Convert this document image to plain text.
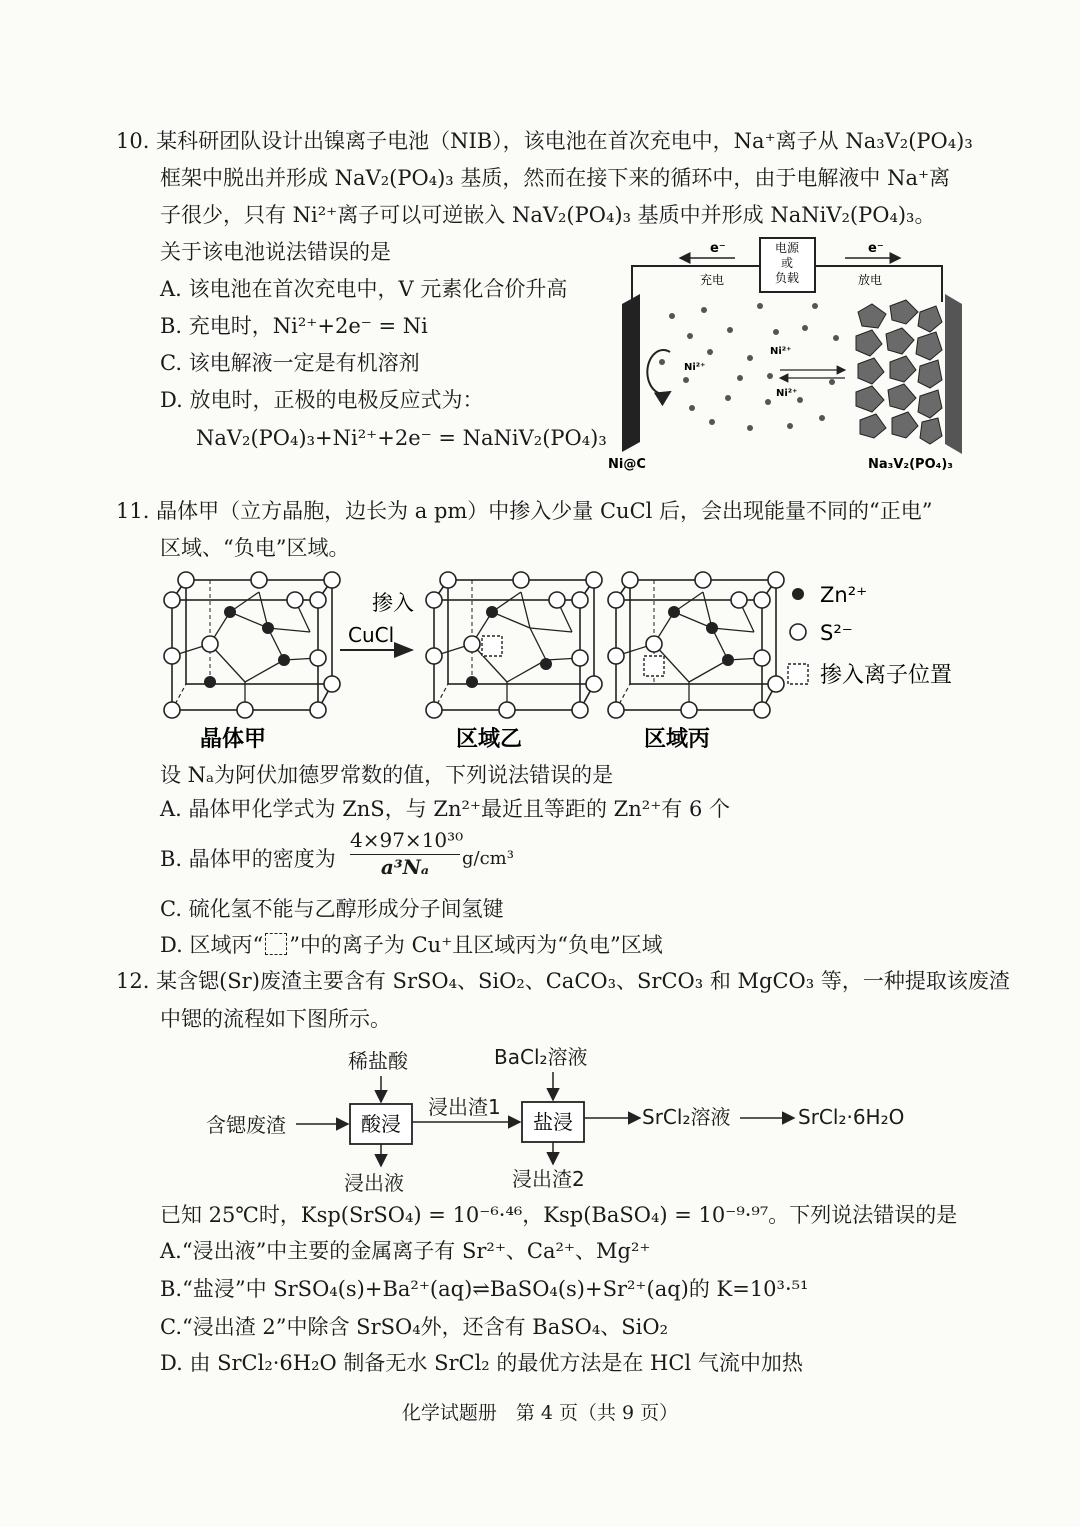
10. 某科研团队设计出镍离子电池（NIB），该电池在首次充电中，Na⁺离子从 Na₃V₂(PO₄)₃
框架中脱出并形成 NaV₂(PO₄)₃ 基质，然而在接下来的循环中，由于电解液中 Na⁺离
子很少，只有 Ni²⁺离子可以可逆嵌入 NaV₂(PO₄)₃ 基质中并形成 NaNiV₂(PO₄)₃。
关于该电池说法错误的是
A. 该电池在首次充电中，V 元素化合价升高
B. 充电时，Ni²⁺+2e⁻ = Ni
C. 该电解液一定是有机溶剂
D. 放电时，正极的电极反应式为：
NaV₂(PO₄)₃+Ni²⁺+2e⁻ = NaNiV₂(PO₄)₃
电源
或
负载
e⁻	e⁻
充电	放电
Ni²⁺
Ni²⁺
Ni²⁺
Ni@C	Na₃V₂(PO₄)₃
11. 晶体甲（立方晶胞，边长为 a pm）中掺入少量 CuCl 后，会出现能量不同的“正电”
区域、“负电”区域。
掺入
CuCl
Zn²⁺
S²⁻
掺入离子位置
晶体甲	区域乙	区域丙
设 Nₐ为阿伏加德罗常数的值，下列说法错误的是
A. 晶体甲化学式为 ZnS，与 Zn²⁺最近且等距的 Zn²⁺有 6 个
B. 晶体甲的密度为 $\frac{\text{4×97×10³⁰}}{\text{a³Nₐ}} g/cm^3$
C. 硫化氢不能与乙醇形成分子间氢键
D. 区域丙“ ”中的离子为 Cu⁺且区域丙为“负电”区域
12. 某含锶(Sr)废渣主要含有 SrSO₄、SiO₂、CaCO₃、SrCO₃ 和 MgCO₃ 等，一种提取该废渣
中锶的流程如下图所示。
稀盐酸	BaCl₂溶液
含锶废渣
浸出渣1	SrCl₂溶液	SrCl₂·6H₂O
浸出液	浸出渣2
酸浸	盐浸
已知 25℃时，Ksp(SrSO₄) = 10⁻⁶·⁴⁶，Ksp(BaSO₄) = 10⁻⁹·⁹⁷。下列说法错误的是
A.“浸出液”中主要的金属离子有 Sr²⁺、Ca²⁺、Mg²⁺
B.“盐浸”中 SrSO₄(s)+Ba²⁺(aq)⇌BaSO₄(s)+Sr²⁺(aq)的 K=10³·⁵¹
C.“浸出渣 2”中除含 SrSO₄外，还含有 BaSO₄、SiO₂
D. 由 SrCl₂·6H₂O 制备无水 SrCl₂ 的最优方法是在 HCl 气流中加热
化学试题册　第 4 页（共 9 页）
